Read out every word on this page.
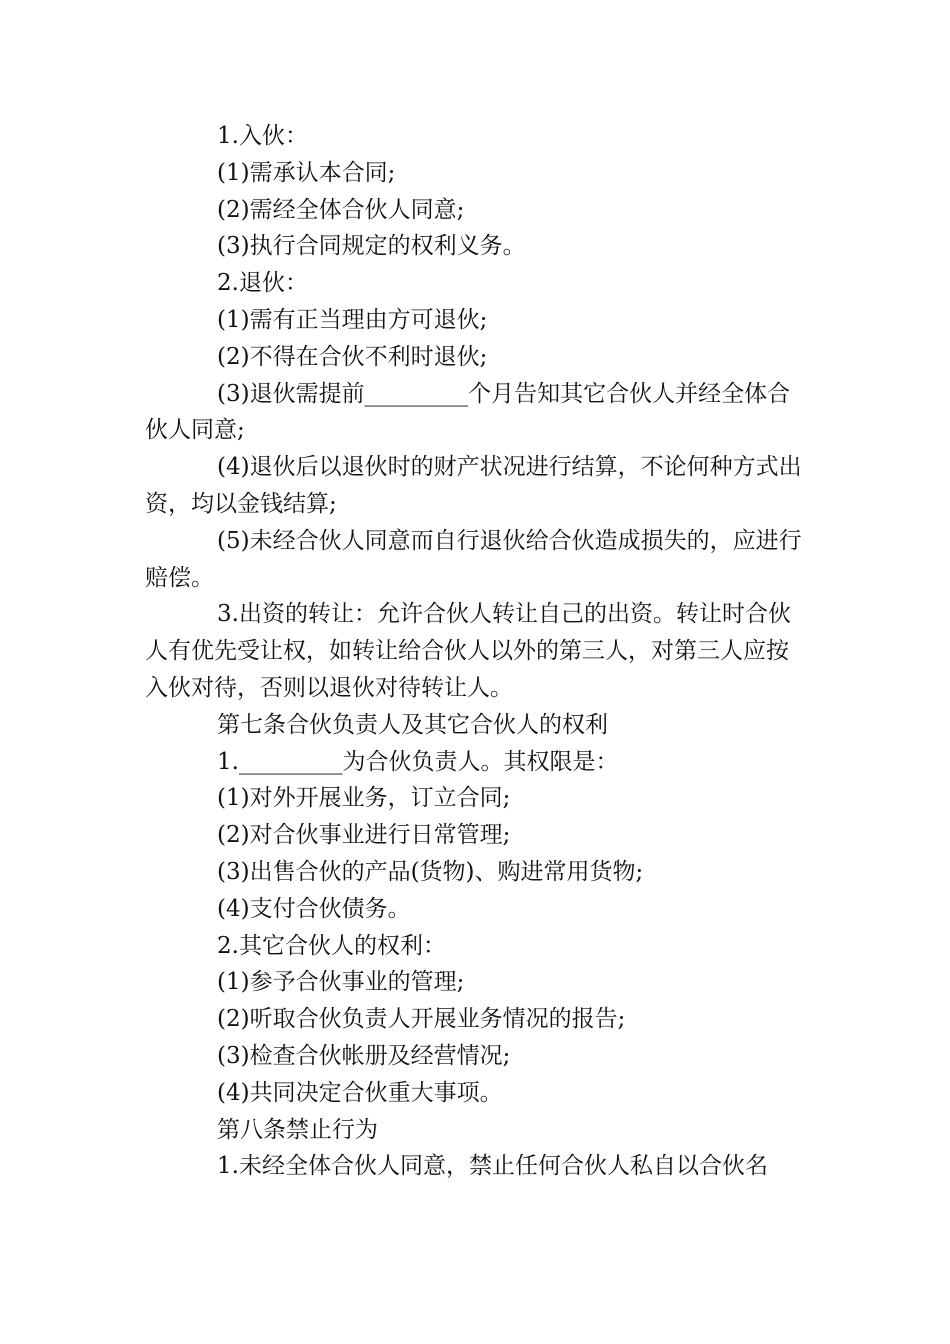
1.入伙：

(1)需承认本合同;

(2)需经全体合伙人同意;

(3)执行合同规定的权利义务。

2.退伙：

(1)需有正当理由方可退伙;

(2)不得在合伙不利时退伙;

(3)退伙需提前_________个月告知其它合伙人并经全体合伙人同意;

(4)退伙后以退伙时的财产状况进行结算，不论何种方式出资，均以金钱结算;

(5)未经合伙人同意而自行退伙给合伙造成损失的，应进行赔偿。

3.出资的转让：允许合伙人转让自己的出资。转让时合伙人有优先受让权，如转让给合伙人以外的第三人，对第三人应按入伙对待，否则以退伙对待转让人。

第七条合伙负责人及其它合伙人的权利

1._________为合伙负责人。其权限是：

(1)对外开展业务，订立合同;

(2)对合伙事业进行日常管理;

(3)出售合伙的产品(货物)、购进常用货物;

(4)支付合伙债务。

2.其它合伙人的权利：

(1)参予合伙事业的管理;

(2)听取合伙负责人开展业务情况的报告;

(3)检查合伙帐册及经营情况;

(4)共同决定合伙重大事项。

第八条禁止行为

1.未经全体合伙人同意，禁止任何合伙人私自以合伙名
